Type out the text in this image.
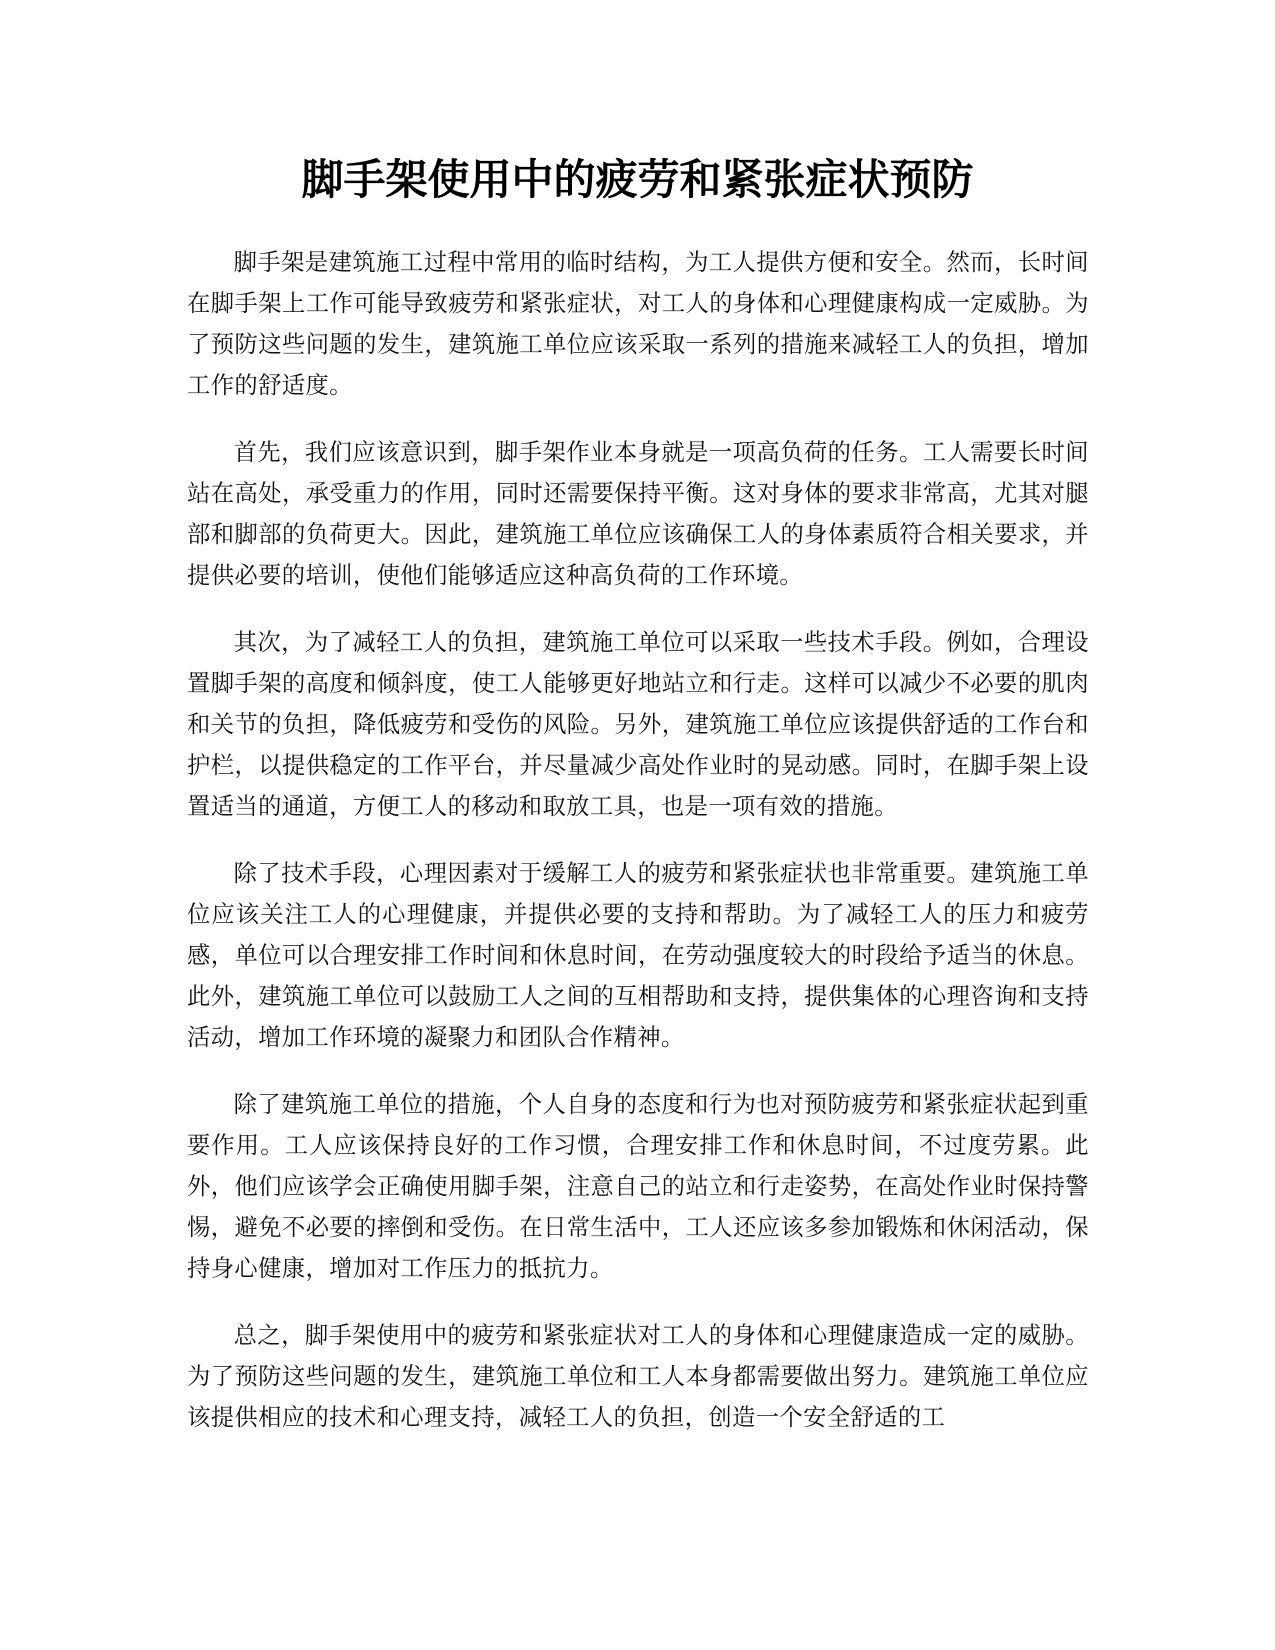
脚手架使用中的疲劳和紧张症状预防

脚手架是建筑施工过程中常用的临时结构，为工人提供方便和安全。然而，长时间在脚手架上工作可能导致疲劳和紧张症状，对工人的身体和心理健康构成一定威胁。为了预防这些问题的发生，建筑施工单位应该采取一系列的措施来减轻工人的负担，增加工作的舒适度。

首先，我们应该意识到，脚手架作业本身就是一项高负荷的任务。工人需要长时间站在高处，承受重力的作用，同时还需要保持平衡。这对身体的要求非常高，尤其对腿部和脚部的负荷更大。因此，建筑施工单位应该确保工人的身体素质符合相关要求，并提供必要的培训，使他们能够适应这种高负荷的工作环境。

其次，为了减轻工人的负担，建筑施工单位可以采取一些技术手段。例如，合理设置脚手架的高度和倾斜度，使工人能够更好地站立和行走。这样可以减少不必要的肌肉和关节的负担，降低疲劳和受伤的风险。另外，建筑施工单位应该提供舒适的工作台和护栏，以提供稳定的工作平台，并尽量减少高处作业时的晃动感。同时，在脚手架上设置适当的通道，方便工人的移动和取放工具，也是一项有效的措施。

除了技术手段，心理因素对于缓解工人的疲劳和紧张症状也非常重要。建筑施工单位应该关注工人的心理健康，并提供必要的支持和帮助。为了减轻工人的压力和疲劳感，单位可以合理安排工作时间和休息时间，在劳动强度较大的时段给予适当的休息。此外，建筑施工单位可以鼓励工人之间的互相帮助和支持，提供集体的心理咨询和支持活动，增加工作环境的凝聚力和团队合作精神。

除了建筑施工单位的措施，个人自身的态度和行为也对预防疲劳和紧张症状起到重要作用。工人应该保持良好的工作习惯，合理安排工作和休息时间，不过度劳累。此外，他们应该学会正确使用脚手架，注意自己的站立和行走姿势，在高处作业时保持警惕，避免不必要的摔倒和受伤。在日常生活中，工人还应该多参加锻炼和休闲活动，保持身心健康，增加对工作压力的抵抗力。

总之，脚手架使用中的疲劳和紧张症状对工人的身体和心理健康造成一定的威胁。为了预防这些问题的发生，建筑施工单位和工人本身都需要做出努力。建筑施工单位应该提供相应的技术和心理支持，减轻工人的负担，创造一个安全舒适的工
